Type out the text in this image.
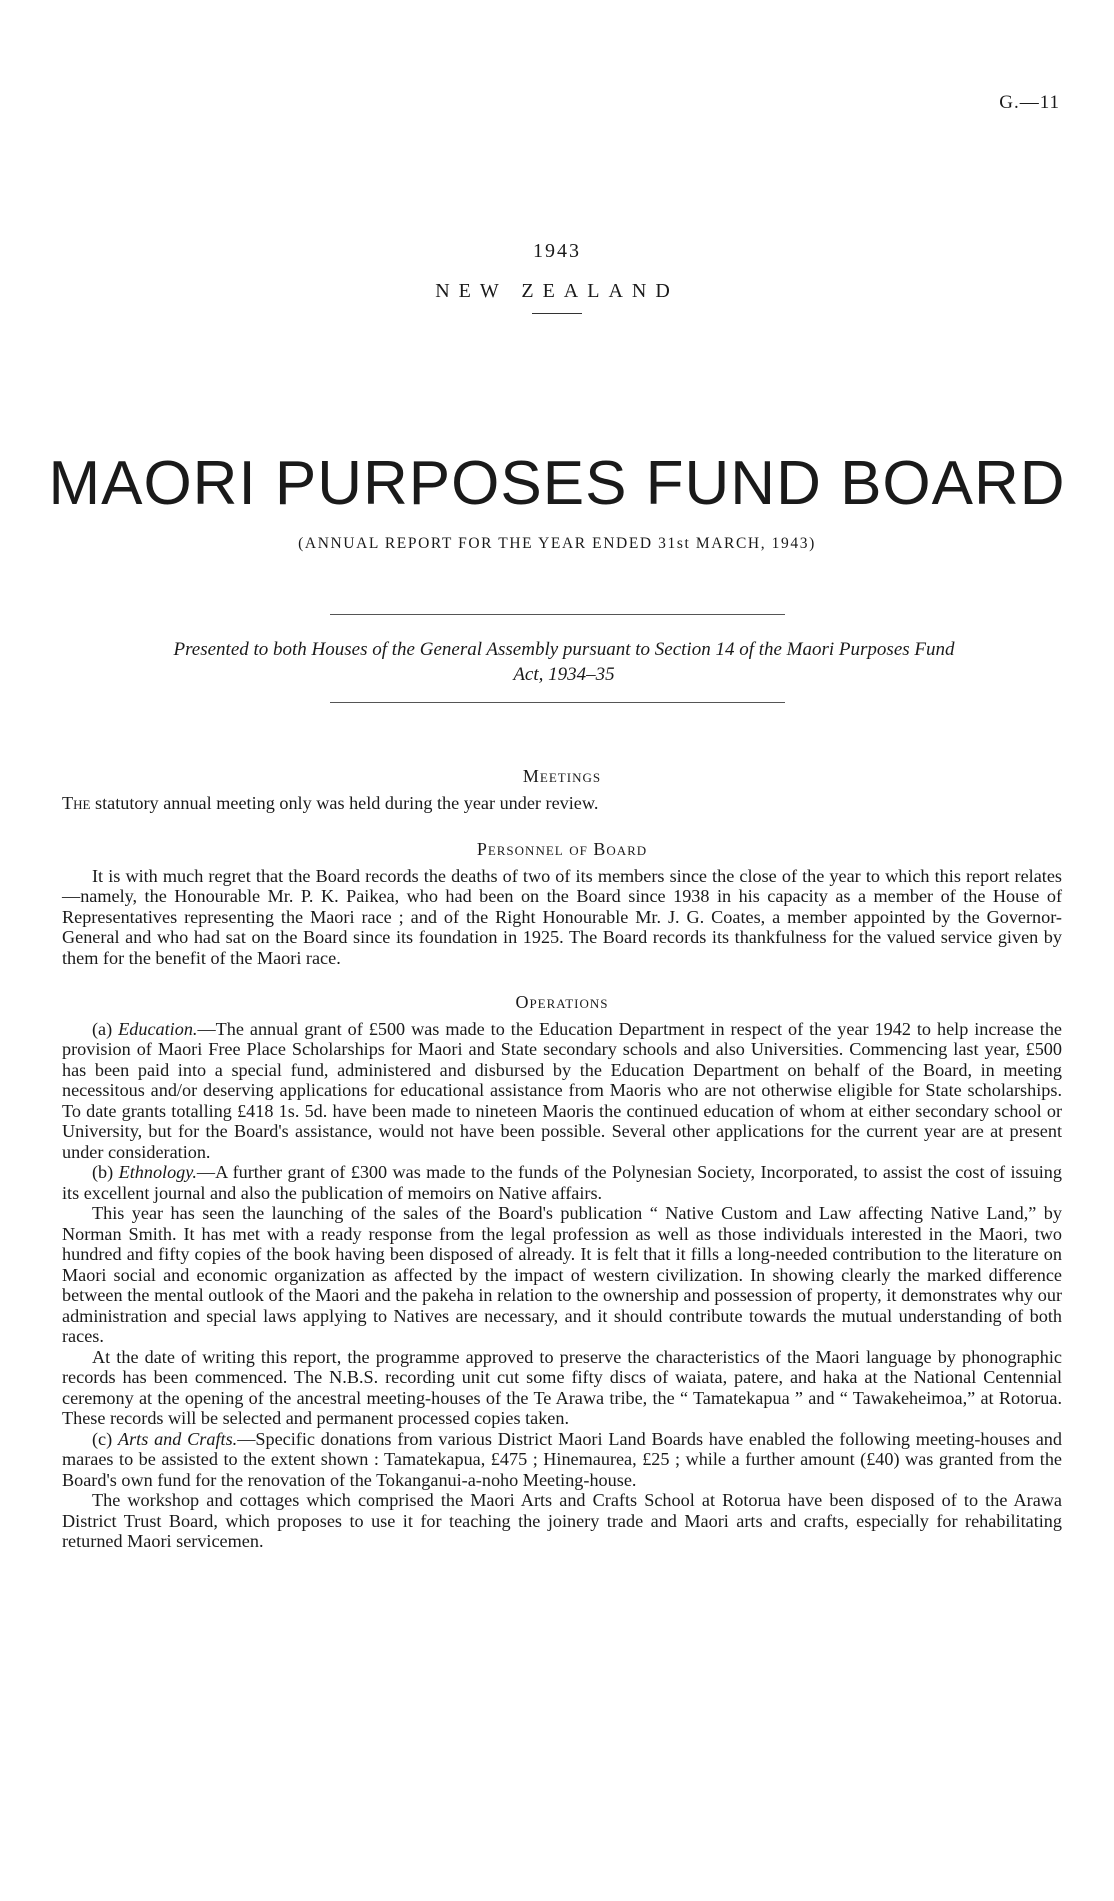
G.—11
1943
NEW ZEALAND
MAORI PURPOSES FUND BOARD
(ANNUAL REPORT FOR THE YEAR ENDED 31st MARCH, 1943)
Presented to both Houses of the General Assembly pursuant to Section 14 of the Maori Purposes Fund
Act, 1934–35
Meetings

The statutory annual meeting only was held during the year under review.

Personnel of Board

It is with much regret that the Board records the deaths of two of its members since the close of the year to which this report relates—namely, the Honourable Mr. P. K. Paikea, who had been on the Board since 1938 in his capacity as a member of the House of Representatives representing the Maori race ; and of the Right Honourable Mr. J. G. Coates, a member appointed by the Governor-General and who had sat on the Board since its foundation in 1925. The Board records its thankfulness for the valued service given by them for the benefit of the Maori race.

Operations

(a) Education.—The annual grant of £500 was made to the Education Department in respect of the year 1942 to help increase the provision of Maori Free Place Scholarships for Maori and State secondary schools and also Universities. Commencing last year, £500 has been paid into a special fund, administered and disbursed by the Education Department on behalf of the Board, in meeting necessitous and/or deserving applications for educational assistance from Maoris who are not otherwise eligible for State scholarships. To date grants totalling £418 1s. 5d. have been made to nineteen Maoris the continued education of whom at either secondary school or University, but for the Board's assistance, would not have been possible. Several other applications for the current year are at present under consideration.

(b) Ethnology.—A further grant of £300 was made to the funds of the Polynesian Society, Incorporated, to assist the cost of issuing its excellent journal and also the publication of memoirs on Native affairs.

This year has seen the launching of the sales of the Board's publication “ Native Custom and Law affecting Native Land,” by Norman Smith. It has met with a ready response from the legal profession as well as those individuals interested in the Maori, two hundred and fifty copies of the book having been disposed of already. It is felt that it fills a long-needed contribution to the literature on Maori social and economic organization as affected by the impact of western civilization. In showing clearly the marked difference between the mental outlook of the Maori and the pakeha in relation to the ownership and possession of property, it demonstrates why our administration and special laws applying to Natives are necessary, and it should contribute towards the mutual understanding of both races.

At the date of writing this report, the programme approved to preserve the characteristics of the Maori language by phonographic records has been commenced. The N.B.S. recording unit cut some fifty discs of waiata, patere, and haka at the National Centennial ceremony at the opening of the ancestral meeting-houses of the Te Arawa tribe, the “ Tamatekapua ” and “ Tawakeheimoa,” at Rotorua. These records will be selected and permanent processed copies taken.

(c) Arts and Crafts.—Specific donations from various District Maori Land Boards have enabled the following meeting-houses and maraes to be assisted to the extent shown : Tamatekapua, £475 ; Hinemaurea, £25 ; while a further amount (£40) was granted from the Board's own fund for the renovation of the Tokanganui-a-noho Meeting-house.

The workshop and cottages which comprised the Maori Arts and Crafts School at Rotorua have been disposed of to the Arawa District Trust Board, which proposes to use it for teaching the joinery trade and Maori arts and crafts, especially for rehabilitating returned Maori servicemen.
